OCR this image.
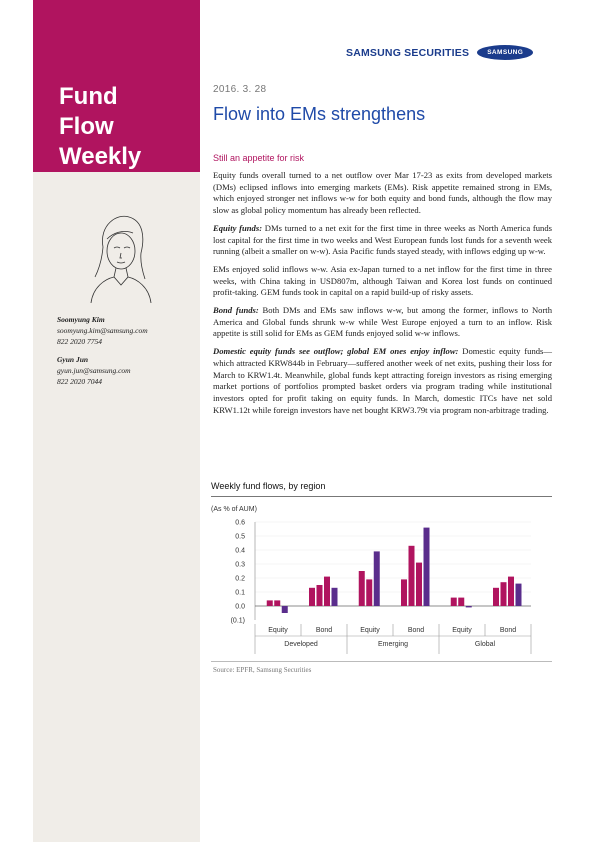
Fund
Flow
Weekly
Soomyung Kim
soomyung.kim@samsung.com
822 2020 7754
Gyun Jun
gyun.jun@samsung.com
822 2020 7044
SAMSUNG SECURITIES	SAMSUNG
2016. 3. 28
Flow into EMs strengthens
Still an appetite for risk

Equity funds overall turned to a net outflow over Mar 17-23 as exits from developed markets (DMs) eclipsed inflows into emerging markets (EMs). Risk appetite remained strong in EMs, which enjoyed stronger net inflows w-w for both equity and bond funds, although the flow may slow as global policy momentum has already been reflected.

Equity funds: DMs turned to a net exit for the first time in three weeks as North America funds lost capital for the first time in two weeks and West European funds lost funds for a seventh week running (albeit a smaller on w-w). Asia Pacific funds stayed steady, with inflows edging up w-w.

EMs enjoyed solid inflows w-w. Asia ex-Japan turned to a net inflow for the first time in three weeks, with China taking in USD807m, although Taiwan and Korea lost funds on continued profit-taking. GEM funds took in capital on a rapid build-up of risky assets.

Bond funds: Both DMs and EMs saw inflows w-w, but among the former, inflows to North America and Global funds shrunk w-w while West Europe enjoyed a turn to an inflow. Risk appetite is still solid for EMs as GEM funds enjoyed solid w-w inflows.

Domestic equity funds see outflow; global EM ones enjoy inflow: Domestic equity funds—which attracted KRW844b in February—suffered another week of net exits, pushing their loss for March to KRW1.4t. Meanwhile, global funds kept attracting foreign investors as rising emerging market portions of portfolios prompted basket orders via program trading while institutional investors opted for profit taking on equity funds. In March, domestic ITCs have net sold KRW1.12t while foreign investors have net bought KRW3.79t via program non-arbitrage trading.

Weekly fund flows, by region
(As % of AUM)
0.6
0.5
0.4
0.3
0.2
0.1
0.0
(0.1)
Equity	Bond
Developed
Equity	Bond
Emerging
Equity	Bond
Global
Source: EPFR, Samsung Securities
